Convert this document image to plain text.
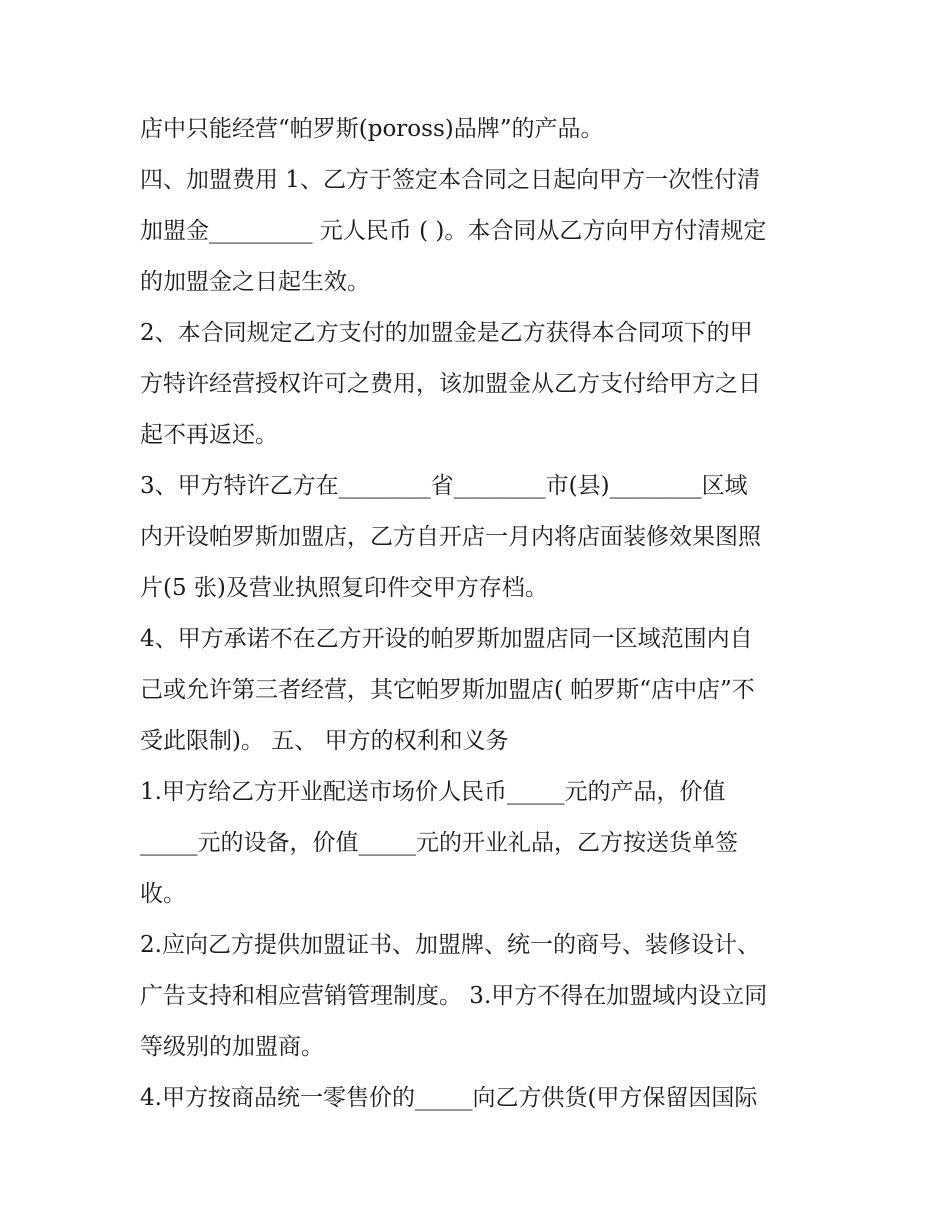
店中只能经营“帕罗斯(poross)品牌”的产品。
四、加盟费用 1、乙方于签定本合同之日起向甲方一次性付清
加盟金_________ 元人民币 ( )。本合同从乙方向甲方付清规定
的加盟金之日起生效。
2、本合同规定乙方支付的加盟金是乙方获得本合同项下的甲
方特许经营授权许可之费用，该加盟金从乙方支付给甲方之日
起不再返还。
3、甲方特许乙方在________省________市(县)________区域
内开设帕罗斯加盟店，乙方自开店一月内将店面装修效果图照
片(5 张)及营业执照复印件交甲方存档。
4、甲方承诺不在乙方开设的帕罗斯加盟店同一区域范围内自
己或允许第三者经营，其它帕罗斯加盟店( 帕罗斯“店中店”不
受此限制)。 五、 甲方的权利和义务
1.甲方给乙方开业配送市场价人民币_____元的产品，价值
_____元的设备，价值_____元的开业礼品，乙方按送货单签
收。
2.应向乙方提供加盟证书、加盟牌、统一的商号、装修设计、
广告支持和相应营销管理制度。 3.甲方不得在加盟域内设立同
等级别的加盟商。
4.甲方按商品统一零售价的_____向乙方供货(甲方保留因国际
